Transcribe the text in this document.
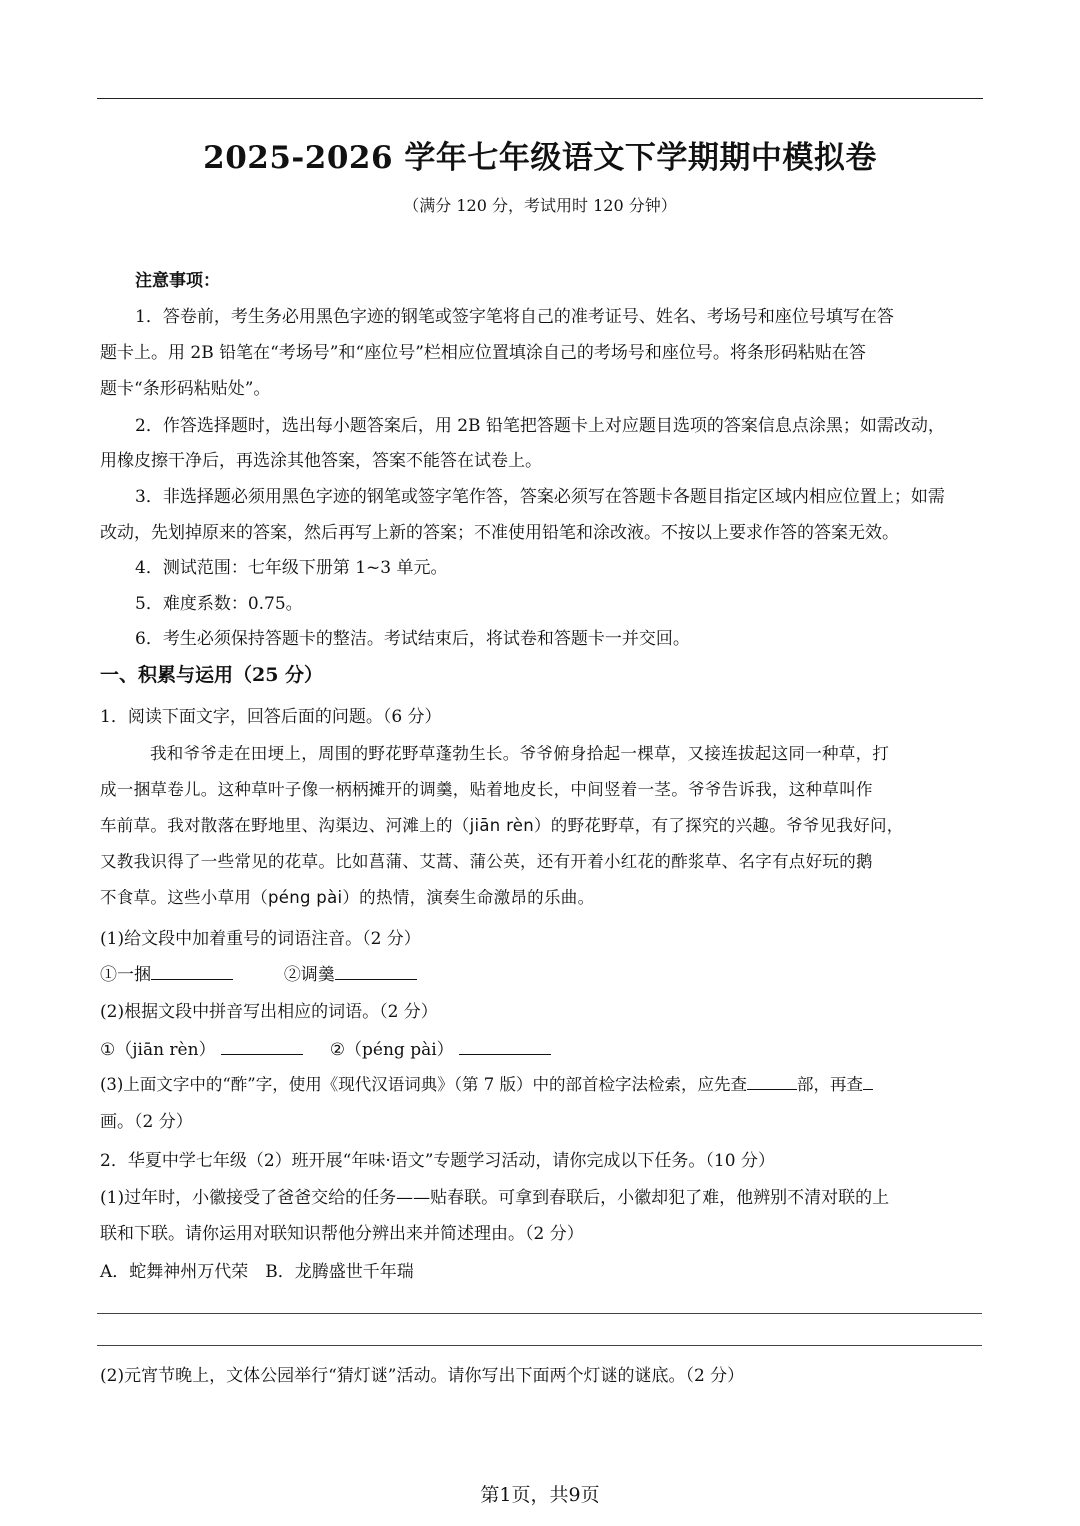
2025-2026 学年七年级语文下学期期中模拟卷
（满分 120 分，考试用时 120 分钟）
注意事项：
1．答卷前，考生务必用黑色字迹的钢笔或签字笔将自己的准考证号、姓名、考场号和座位号填写在答
题卡上。用 2B 铅笔在“考场号”和“座位号”栏相应位置填涂自己的考场号和座位号。将条形码粘贴在答
题卡“条形码粘贴处”。
2．作答选择题时，选出每小题答案后，用 2B 铅笔把答题卡上对应题目选项的答案信息点涂黑；如需改动，
用橡皮擦干净后，再选涂其他答案，答案不能答在试卷上。
3．非选择题必须用黑色字迹的钢笔或签字笔作答，答案必须写在答题卡各题目指定区域内相应位置上；如需
改动，先划掉原来的答案，然后再写上新的答案；不准使用铅笔和涂改液。不按以上要求作答的答案无效。
4．测试范围：七年级下册第 1~3 单元。
5．难度系数：0.75。
6．考生必须保持答题卡的整洁。考试结束后，将试卷和答题卡一并交回。
一、积累与运用（25 分）
1．阅读下面文字，回答后面的问题。（6 分）
我和爷爷走在田埂上，周围的野花野草蓬勃生长。爷爷俯身拾起一棵草，又接连拔起这同一种草，打
成一捆草卷儿。这种草叶子像一柄柄摊开的调羹，贴着地皮长，中间竖着一茎。爷爷告诉我，这种草叫作
车前草。我对散落在野地里、沟渠边、河滩上的（jiān rèn）的野花野草，有了探究的兴趣。爷爷见我好问，
又教我识得了一些常见的花草。比如菖蒲、艾蒿、蒲公英，还有开着小红花的酢浆草、名字有点好玩的鹅
不食草。这些小草用（péng pài）的热情，演奏生命激昂的乐曲。
(1)给文段中加着重号的词语注音。（2 分）
①一捆	②调羹
(2)根据文段中拼音写出相应的词语。（2 分）
①（jiān rèn）	②（péng pài）
(3)上面文字中的“酢”字，使用《现代汉语词典》（第 7 版）中的部首检字法检索，应先查	部，再查
画。（2 分）
2．华夏中学七年级（2）班开展“年味·语文”专题学习活动，请你完成以下任务。（10 分）
(1)过年时，小徽接受了爸爸交给的任务——贴春联。可拿到春联后，小徽却犯了难，他辨别不清对联的上
联和下联。请你运用对联知识帮他分辨出来并简述理由。（2 分）
A．蛇舞神州万代荣　B．龙腾盛世千年瑞
(2)元宵节晚上，文体公园举行“猜灯谜”活动。请你写出下面两个灯谜的谜底。（2 分）
第1页，共9页
